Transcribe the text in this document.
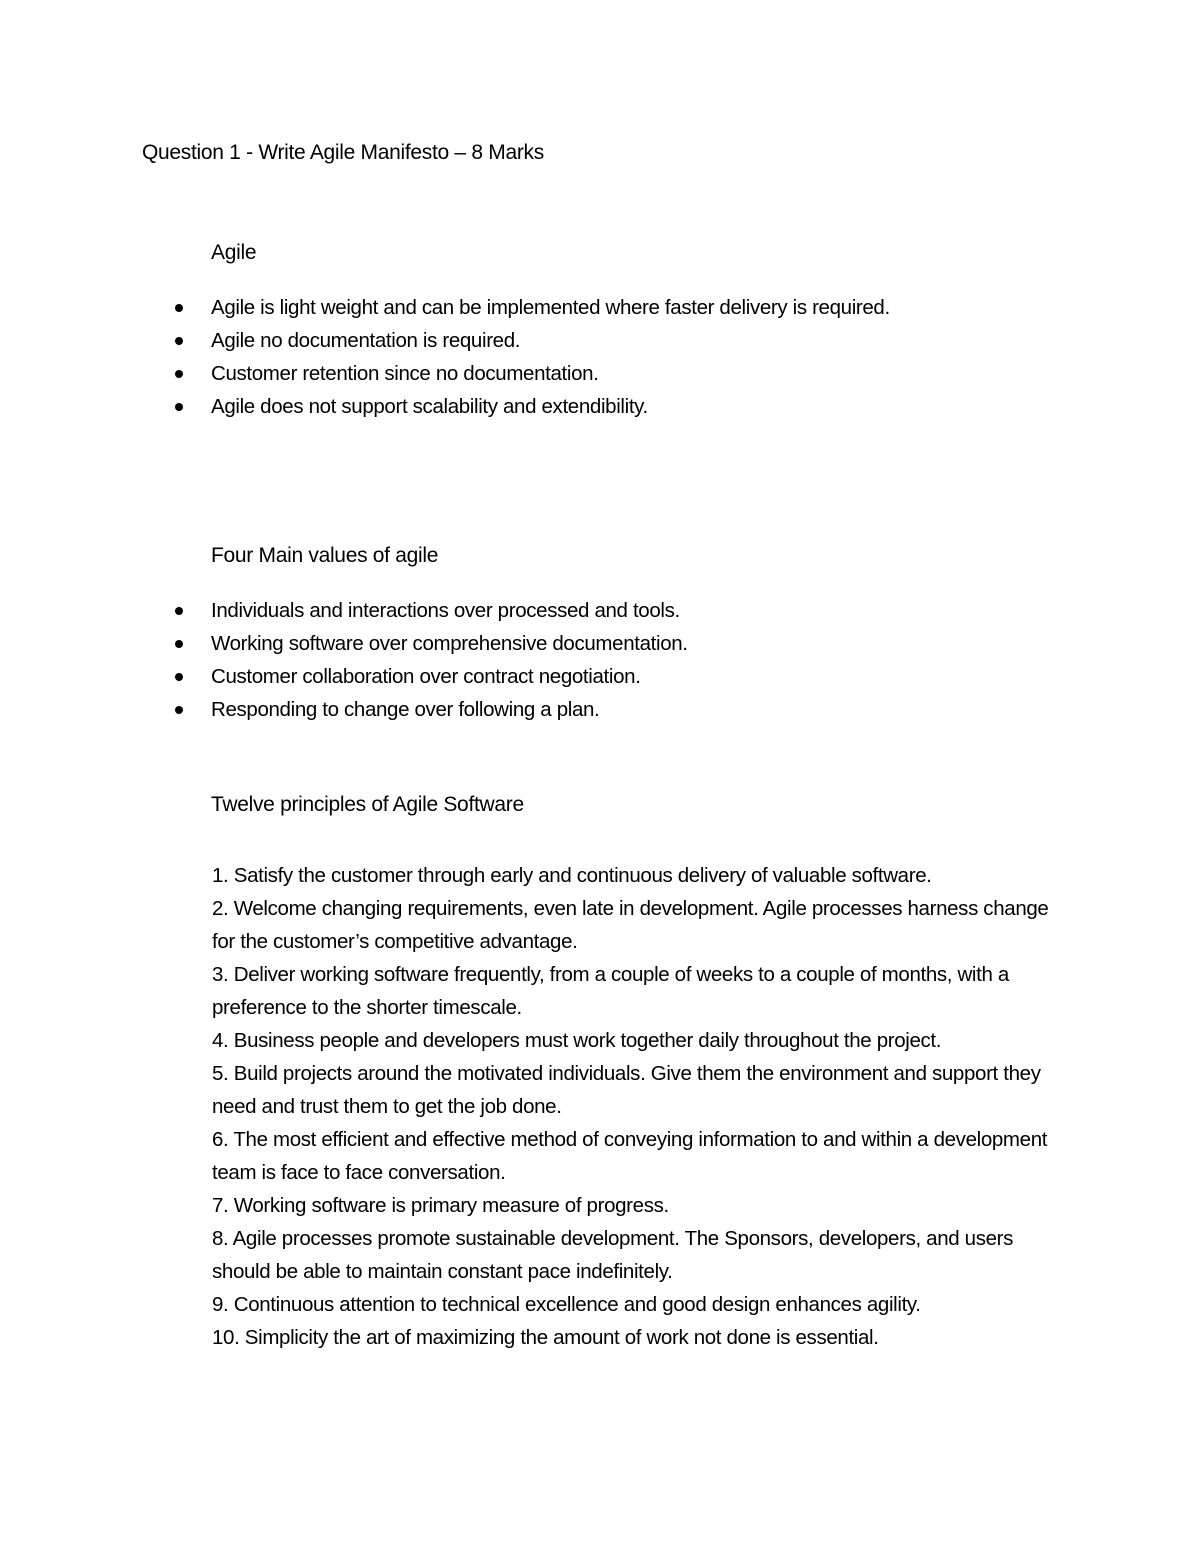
Question 1 - Write Agile Manifesto – 8 Marks
Agile
Agile is light weight and can be implemented where faster delivery is required.
Agile no documentation is required.
Customer retention since no documentation.
Agile does not support scalability and extendibility.
Four Main values of agile
Individuals and interactions over processed and tools.
Working software over comprehensive documentation.
Customer collaboration over contract negotiation.
Responding to change over following a plan.
Twelve principles of Agile Software

1. Satisfy the customer through early and continuous delivery of valuable software.

2. Welcome changing requirements, even late in development. Agile processes harness change for the customer’s competitive advantage.

3. Deliver working software frequently, from a couple of weeks to a couple of months, with a preference to the shorter timescale.

4. Business people and developers must work together daily throughout the project.

5. Build projects around the motivated individuals. Give them the environment and support they need and trust them to get the job done.

6. The most efficient and effective method of conveying information to and within a development team is face to face conversation.

7. Working software is primary measure of progress.

8. Agile processes promote sustainable development. The Sponsors, developers, and users should be able to maintain constant pace indefinitely.

9. Continuous attention to technical excellence and good design enhances agility.

10. Simplicity the art of maximizing the amount of work not done is essential.
